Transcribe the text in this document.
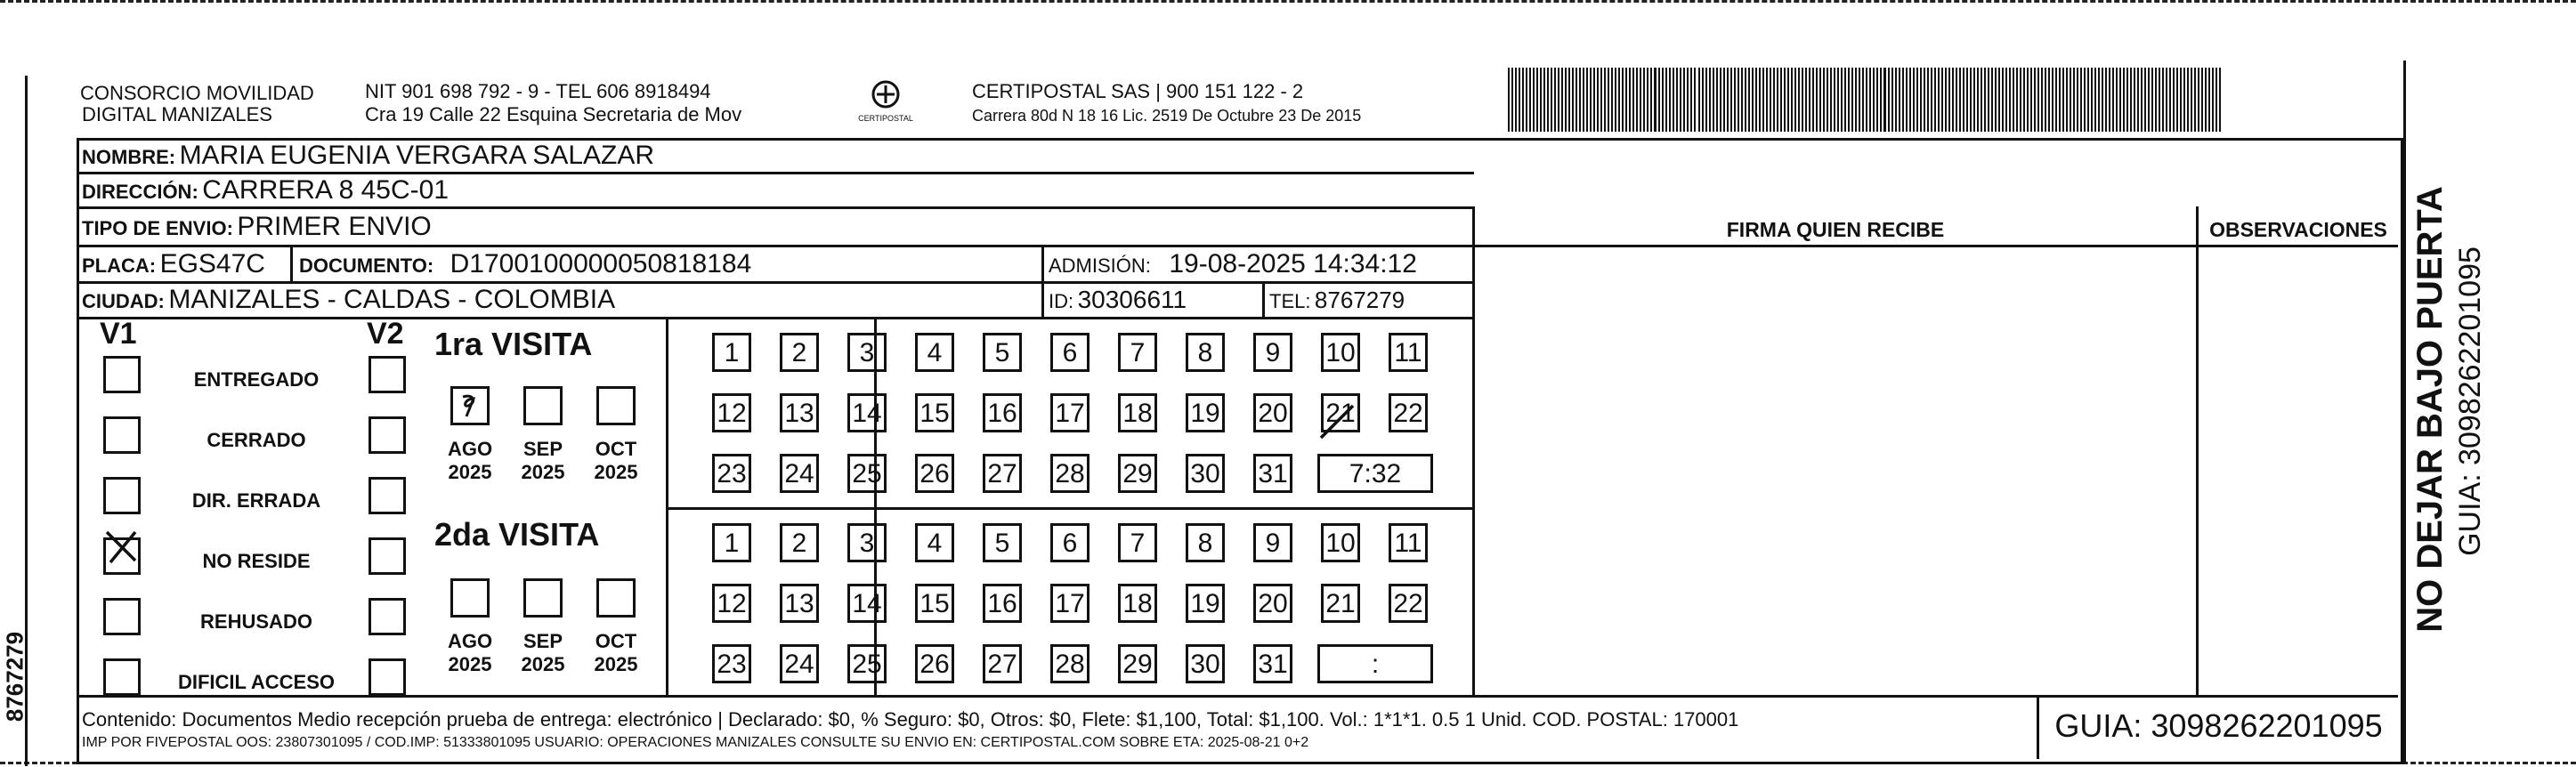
8767279
NO DEJAR BAJO PUERTA GUIA: 3098262201095
CONSORCIO MOVILIDAD
DIGITAL MANIZALES
NIT 901 698 792 - 9 - TEL 606 8918494
Cra 19 Calle 22 Esquina Secretaria de Mov	CERTIPOSTAL
CERTIPOSTAL SAS | 900 151 122 - 2
Carrera 80d N 18 16 Lic. 2519 De Octubre 23 De 2015
NOMBRE: MARIA EUGENIA VERGARA SALAZAR
DIRECCIÓN: CARRERA 8 45C-01
TIPO DE ENVIO: PRIMER ENVIO	FIRMA QUIEN RECIBE	OBSERVACIONES
PLACA: EGS47C DOCUMENTO: D1700100000050818184	ADMISIÓN: 19-08-2025 14:34:12
CIUDAD: MANIZALES - CALDAS - COLOMBIA	ID: 30306611	TEL: 8767279
V1	V2
ENTREGADO
CERRADO
DIR. ERRADA
NO RESIDE
REHUSADO
DIFICIL ACCESO
1ra VISITA
2da VISITA
AGO
2025
SEP
2025
OCT
2025
AGO
2025
SEP
2025
OCT
2025
1	2	3	4	5	6	7	8	9	10 11
12 13 14 15 16 17 18 19 20 21 22
23 24 25 26 27 28 29 30 31	7:32
1	2	3	4	5	6	7	8	9	10 11
12 13 14 15 16 17 18 19 20 21 22
23 24 25 26 27 28 29 30 31	:
Contenido: Documentos Medio recepción prueba de entrega: electrónico | Declarado: $0, % Seguro: $0, Otros: $0, Flete: $1,100, Total: $1,100. Vol.: 1*1*1. 0.5 1 Unid. COD. POSTAL: 170001
IMP POR FIVEPOSTAL OOS: 23807301095 / COD.IMP: 51333801095 USUARIO: OPERACIONES MANIZALES CONSULTE SU ENVIO EN: CERTIPOSTAL.COM SOBRE ETA: 2025-08-21 0+2	GUIA: 3098262201095
